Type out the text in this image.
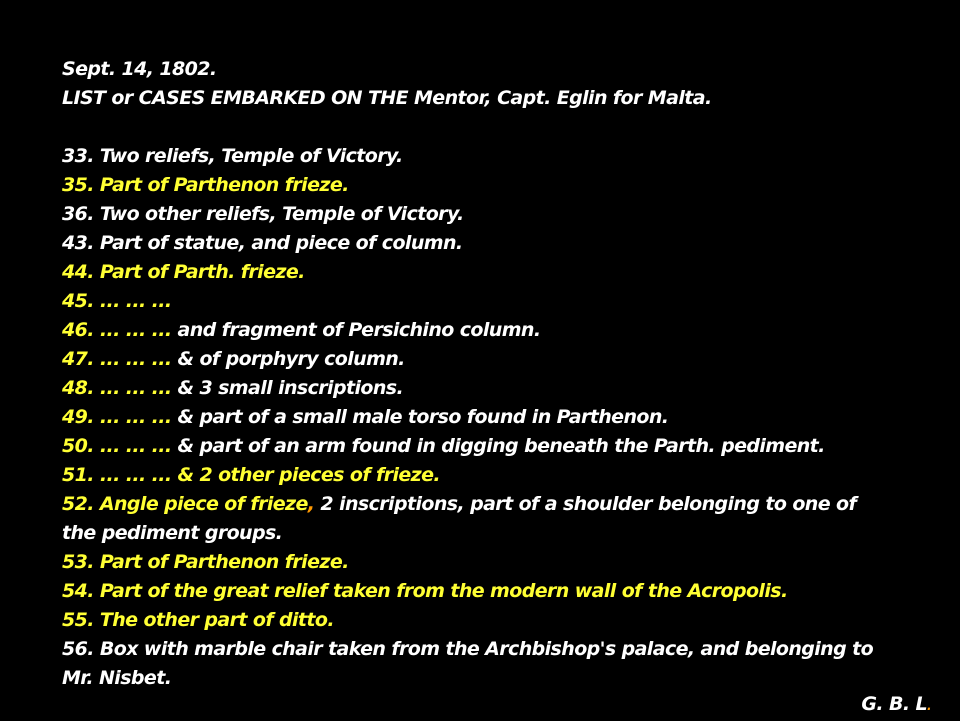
Sept. 14, 1802.
LIST or CASES EMBARKED ON THE Mentor, Capt. Eglin for Malta.
33. Two reliefs, Temple of Victory.
35. Part of Parthenon frieze.
36. Two other reliefs, Temple of Victory.
43. Part of statue, and piece of column.
44. Part of Parth. frieze.
45. ... ... ...
46. ... ... ... and fragment of Persichino column.
47. ... ... ... & of porphyry column.
48. ... ... ... & 3 small inscriptions.
49. ... ... ... & part of a small male torso found in Parthenon.
50. ... ... ... & part of an arm found in digging beneath the Parth. pediment.
51. ... ... ... & 2 other pieces of frieze.
52. Angle piece of frieze, 2 inscriptions, part of a shoulder belonging to one of the pediment groups.
53. Part of Parthenon frieze.
54. Part of the great relief taken from the modern wall of the Acropolis.
55. The other part of ditto.
56. Box with marble chair taken from the Archbishop's palace, and belonging to Mr. Nisbet.
G. B. L.
